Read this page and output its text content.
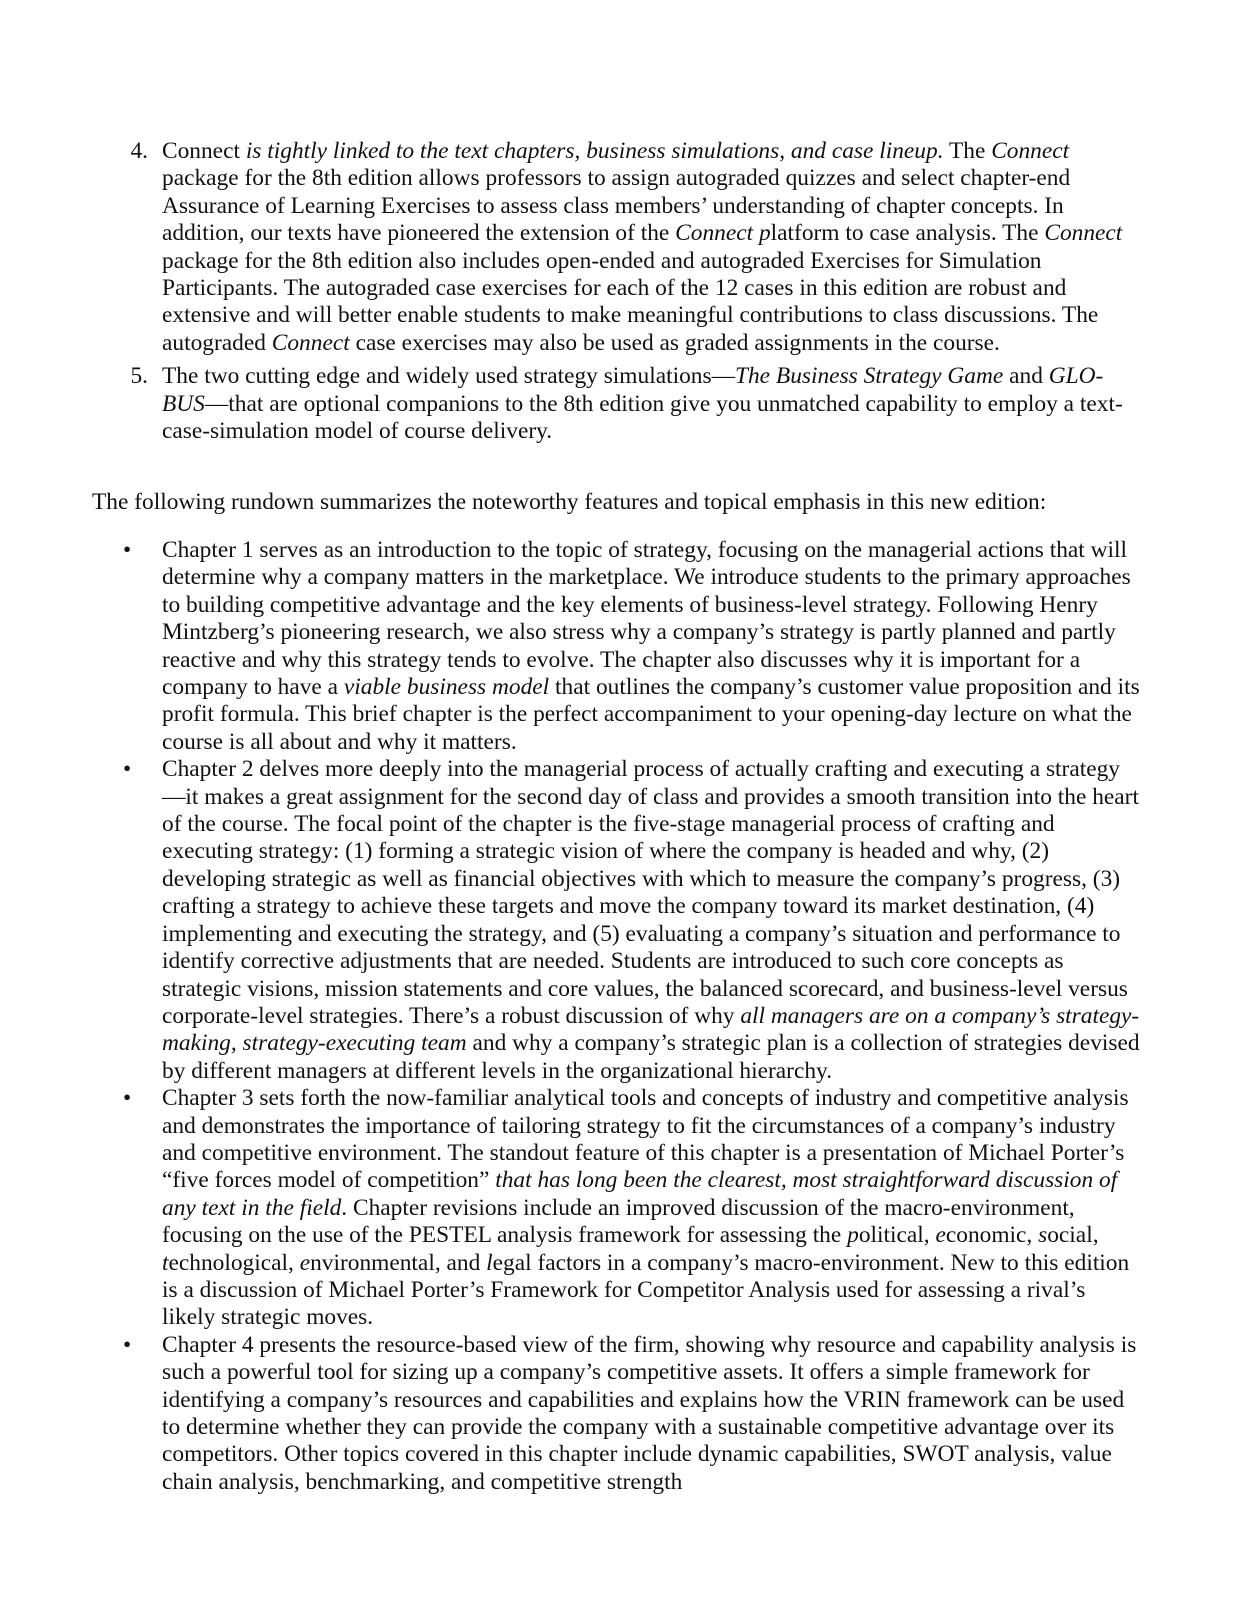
4. Connect is tightly linked to the text chapters, business simulations, and case lineup. The Connect package for the 8th edition allows professors to assign autograded quizzes and select chapter-end Assurance of Learning Exercises to assess class members’ understanding of chapter concepts. In addition, our texts have pioneered the extension of the Connect platform to case analysis. The Connect package for the 8th edition also includes open-ended and autograded Exercises for Simulation Participants. The autograded case exercises for each of the 12 cases in this edition are robust and extensive and will better enable students to make meaningful contributions to class discussions. The autograded Connect case exercises may also be used as graded assignments in the course.
5. The two cutting edge and widely used strategy simulations—The Business Strategy Game and GLO-BUS—that are optional companions to the 8th edition give you unmatched capability to employ a text-case-simulation model of course delivery.
The following rundown summarizes the noteworthy features and topical emphasis in this new edition:
•	Chapter 1 serves as an introduction to the topic of strategy, focusing on the managerial actions that will determine why a company matters in the marketplace. We introduce students to the primary approaches to building competitive advantage and the key elements of business-level strategy. Following Henry Mintzberg’s pioneering research, we also stress why a company’s strategy is partly planned and partly reactive and why this strategy tends to evolve. The chapter also discusses why it is important for a company to have a viable business model that outlines the company’s customer value proposition and its profit formula. This brief chapter is the perfect accompaniment to your opening-day lecture on what the course is all about and why it matters.
•	Chapter 2 delves more deeply into the managerial process of actually crafting and executing a strategy—it makes a great assignment for the second day of class and provides a smooth transition into the heart of the course. The focal point of the chapter is the five-stage managerial process of crafting and executing strategy: (1) forming a strategic vision of where the company is headed and why, (2) developing strategic as well as financial objectives with which to measure the company’s progress, (3) crafting a strategy to achieve these targets and move the company toward its market destination, (4) implementing and executing the strategy, and (5) evaluating a company’s situation and performance to identify corrective adjustments that are needed. Students are introduced to such core concepts as strategic visions, mission statements and core values, the balanced scorecard, and business-level versus corporate-level strategies. There’s a robust discussion of why all managers are on a company’s strategy-making, strategy-executing team and why a company’s strategic plan is a collection of strategies devised by different managers at different levels in the organizational hierarchy.
•	Chapter 3 sets forth the now-familiar analytical tools and concepts of industry and competitive analysis and demonstrates the importance of tailoring strategy to fit the circumstances of a company’s industry and competitive environment. The standout feature of this chapter is a presentation of Michael Porter’s “five forces model of competition” that has long been the clearest, most straightforward discussion of any text in the field. Chapter revisions include an improved discussion of the macro-environment, focusing on the use of the PESTEL analysis framework for assessing the political, economic, social, technological, environmental, and legal factors in a company’s macro-environment. New to this edition is a discussion of Michael Porter’s Framework for Competitor Analysis used for assessing a rival’s likely strategic moves.
•	Chapter 4 presents the resource-based view of the firm, showing why resource and capability analysis is such a powerful tool for sizing up a company’s competitive assets. It offers a simple framework for identifying a company’s resources and capabilities and explains how the VRIN framework can be used to determine whether they can provide the company with a sustainable competitive advantage over its competitors. Other topics covered in this chapter include dynamic capabilities, SWOT analysis, value chain analysis, benchmarking, and competitive strength
